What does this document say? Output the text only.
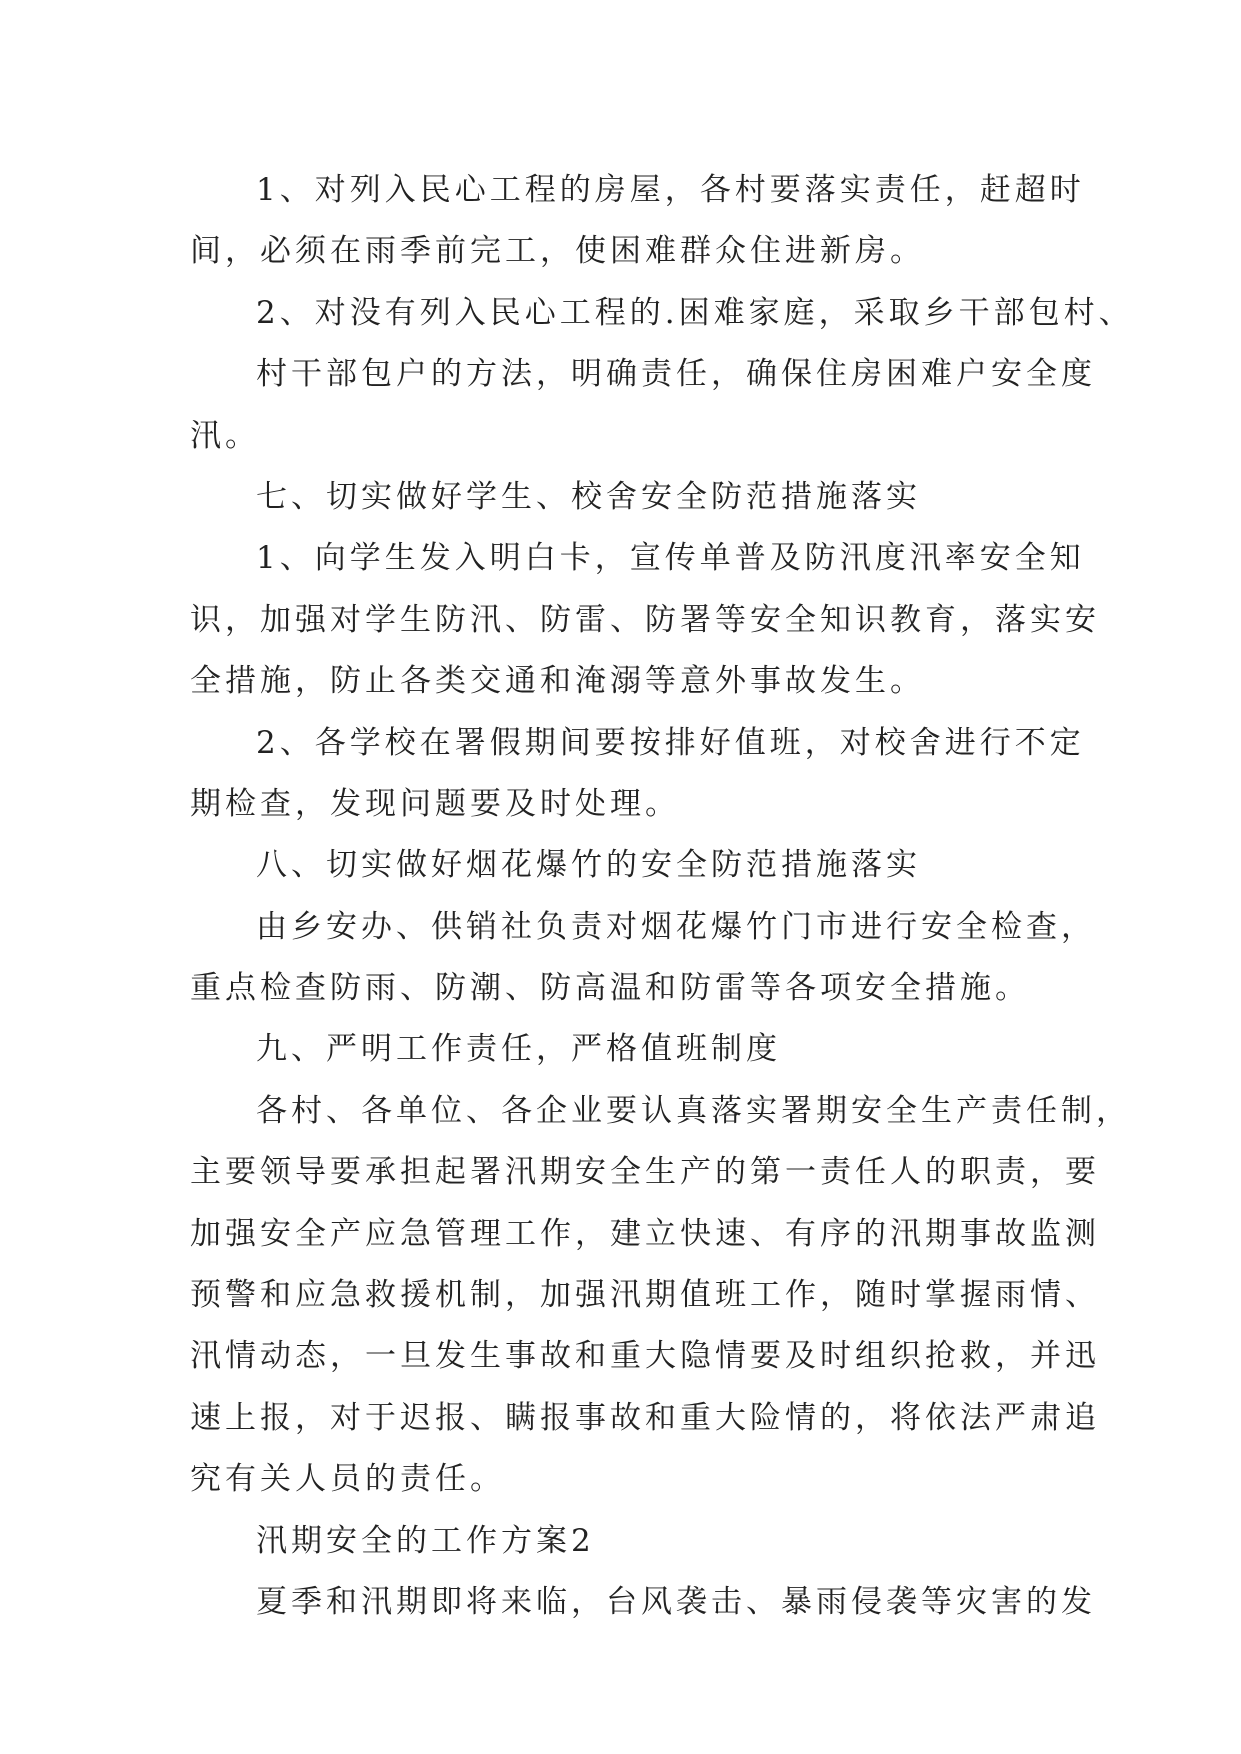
1、对列入民心工程的房屋，各村要落实责任，赶超时
间，必须在雨季前完工，使困难群众住进新房。
2、对没有列入民心工程的.困难家庭，采取乡干部包村、
村干部包户的方法，明确责任，确保住房困难户安全度
汛。
七、切实做好学生、校舍安全防范措施落实
1、向学生发入明白卡，宣传单普及防汛度汛率安全知
识，加强对学生防汛、防雷、防署等安全知识教育，落实安
全措施，防止各类交通和淹溺等意外事故发生。
2、各学校在署假期间要按排好值班，对校舍进行不定
期检查，发现问题要及时处理。
八、切实做好烟花爆竹的安全防范措施落实
由乡安办、供销社负责对烟花爆竹门市进行安全检查，
重点检查防雨、防潮、防高温和防雷等各项安全措施。
九、严明工作责任，严格值班制度
各村、各单位、各企业要认真落实署期安全生产责任制，
主要领导要承担起署汛期安全生产的第一责任人的职责，要
加强安全产应急管理工作，建立快速、有序的汛期事故监测
预警和应急救援机制，加强汛期值班工作，随时掌握雨情、
汛情动态，一旦发生事故和重大隐情要及时组织抢救，并迅
速上报，对于迟报、瞒报事故和重大险情的，将依法严肃追
究有关人员的责任。
汛期安全的工作方案2
夏季和汛期即将来临，台风袭击、暴雨侵袭等灾害的发
